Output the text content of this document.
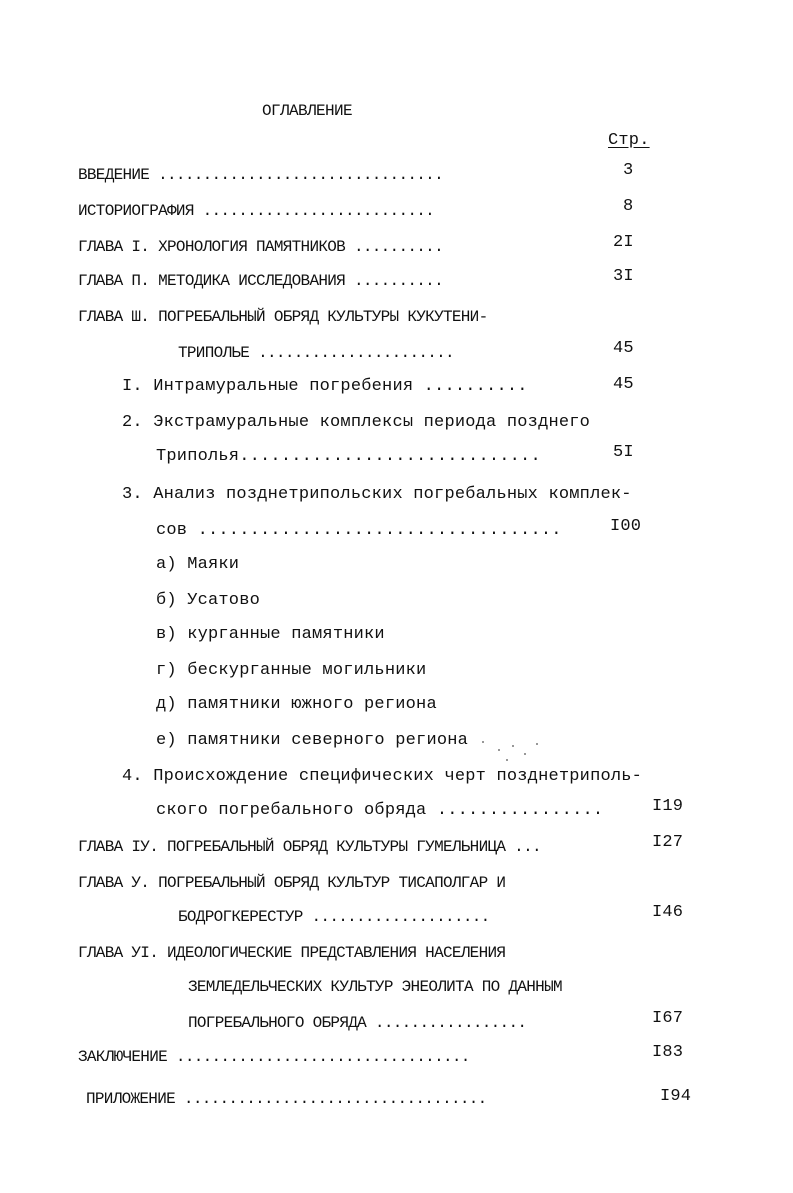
ОГЛАВЛЕНИЕ
Стр.
ВВЕДЕНИЕ ................................	3
ИСТОРИОГРАФИЯ ..........................	8
ГЛАВА I. ХРОНОЛОГИЯ ПАМЯТНИКОВ ..........	2I
ГЛАВА П. МЕТОДИКА ИССЛЕДОВАНИЯ ..........	3I
ГЛАВА Ш. ПОГРЕБАЛЬНЫЙ ОБРЯД КУЛЬТУРЫ КУКУТЕНИ-
ТРИПОЛЬЕ ......................	45
I. Интрамуральные погребения ..........	45
2. Экстрамуральные комплексы периода позднего
Триполья.............................	5I
3. Анализ позднетрипольских погребальных комплек-
сов ...................................	I00
а) Маяки
б) Усатово
в) курганные памятники
г) бескурганные могильники
д) памятники южного региона
е) памятники северного региона
4. Происхождение специфических черт позднетриполь-
ского погребального обряда ................	I19
ГЛАВА IУ. ПОГРЕБАЛЬНЫЙ ОБРЯД КУЛЬТУРЫ ГУМЕЛЬНИЦА ...	I27
ГЛАВА У. ПОГРЕБАЛЬНЫЙ ОБРЯД КУЛЬТУР ТИСАПОЛГАР И
БОДРОГКЕРЕСТУР ....................	I46
ГЛАВА УI. ИДЕОЛОГИЧЕСКИЕ ПРЕДСТАВЛЕНИЯ НАСЕЛЕНИЯ
ЗЕМЛЕДЕЛЬЧЕСКИХ КУЛЬТУР ЭНЕОЛИТА ПО ДАННЫМ
ПОГРЕБАЛЬНОГО ОБРЯДА .................	I67
ЗАКЛЮЧЕНИЕ .................................	I83
ПРИЛОЖЕНИЕ ..................................	I94
